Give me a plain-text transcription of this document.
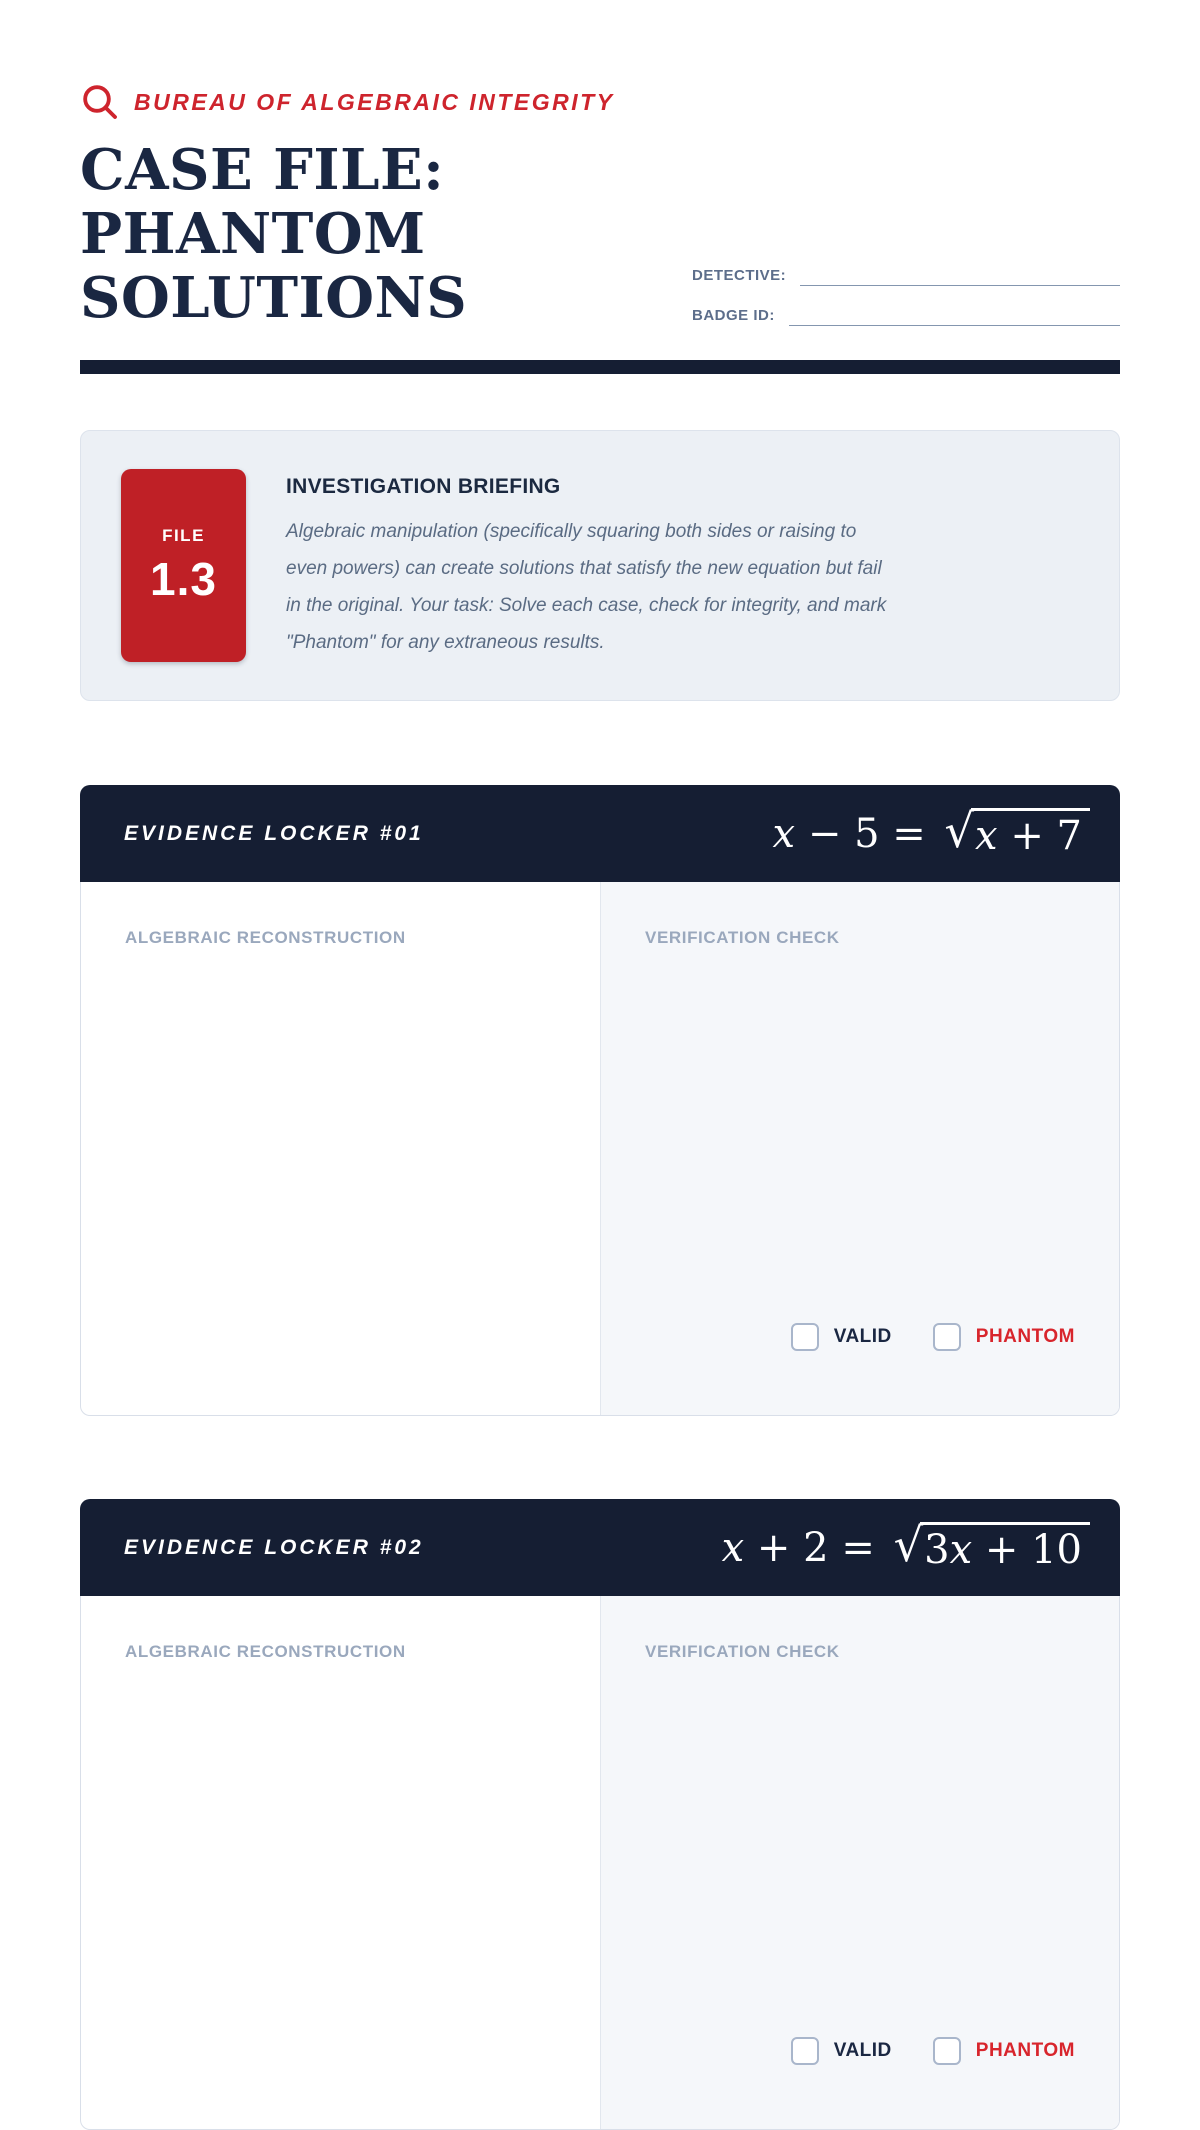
BUREAU OF ALGEBRAIC INTEGRITY
CASE FILE:
PHANTOM
SOLUTIONS	DETECTIVE:
BADGE ID:
FILE
1.3
INVESTIGATION BRIEFING
Algebraic manipulation (specifically squaring both sides or raising to
even powers) can create solutions that satisfy the new equation but fail
in the original. Your task: Solve each case, check for integrity, and mark
"Phantom" for any extraneous results.
EVIDENCE LOCKER #01	x − 5 = √ x + 7
ALGEBRAIC RECONSTRUCTION	VERIFICATION CHECK
VALID	PHANTOM
EVIDENCE LOCKER #02	x + 2 = √ 3x + 10
ALGEBRAIC RECONSTRUCTION	VERIFICATION CHECK
VALID	PHANTOM
